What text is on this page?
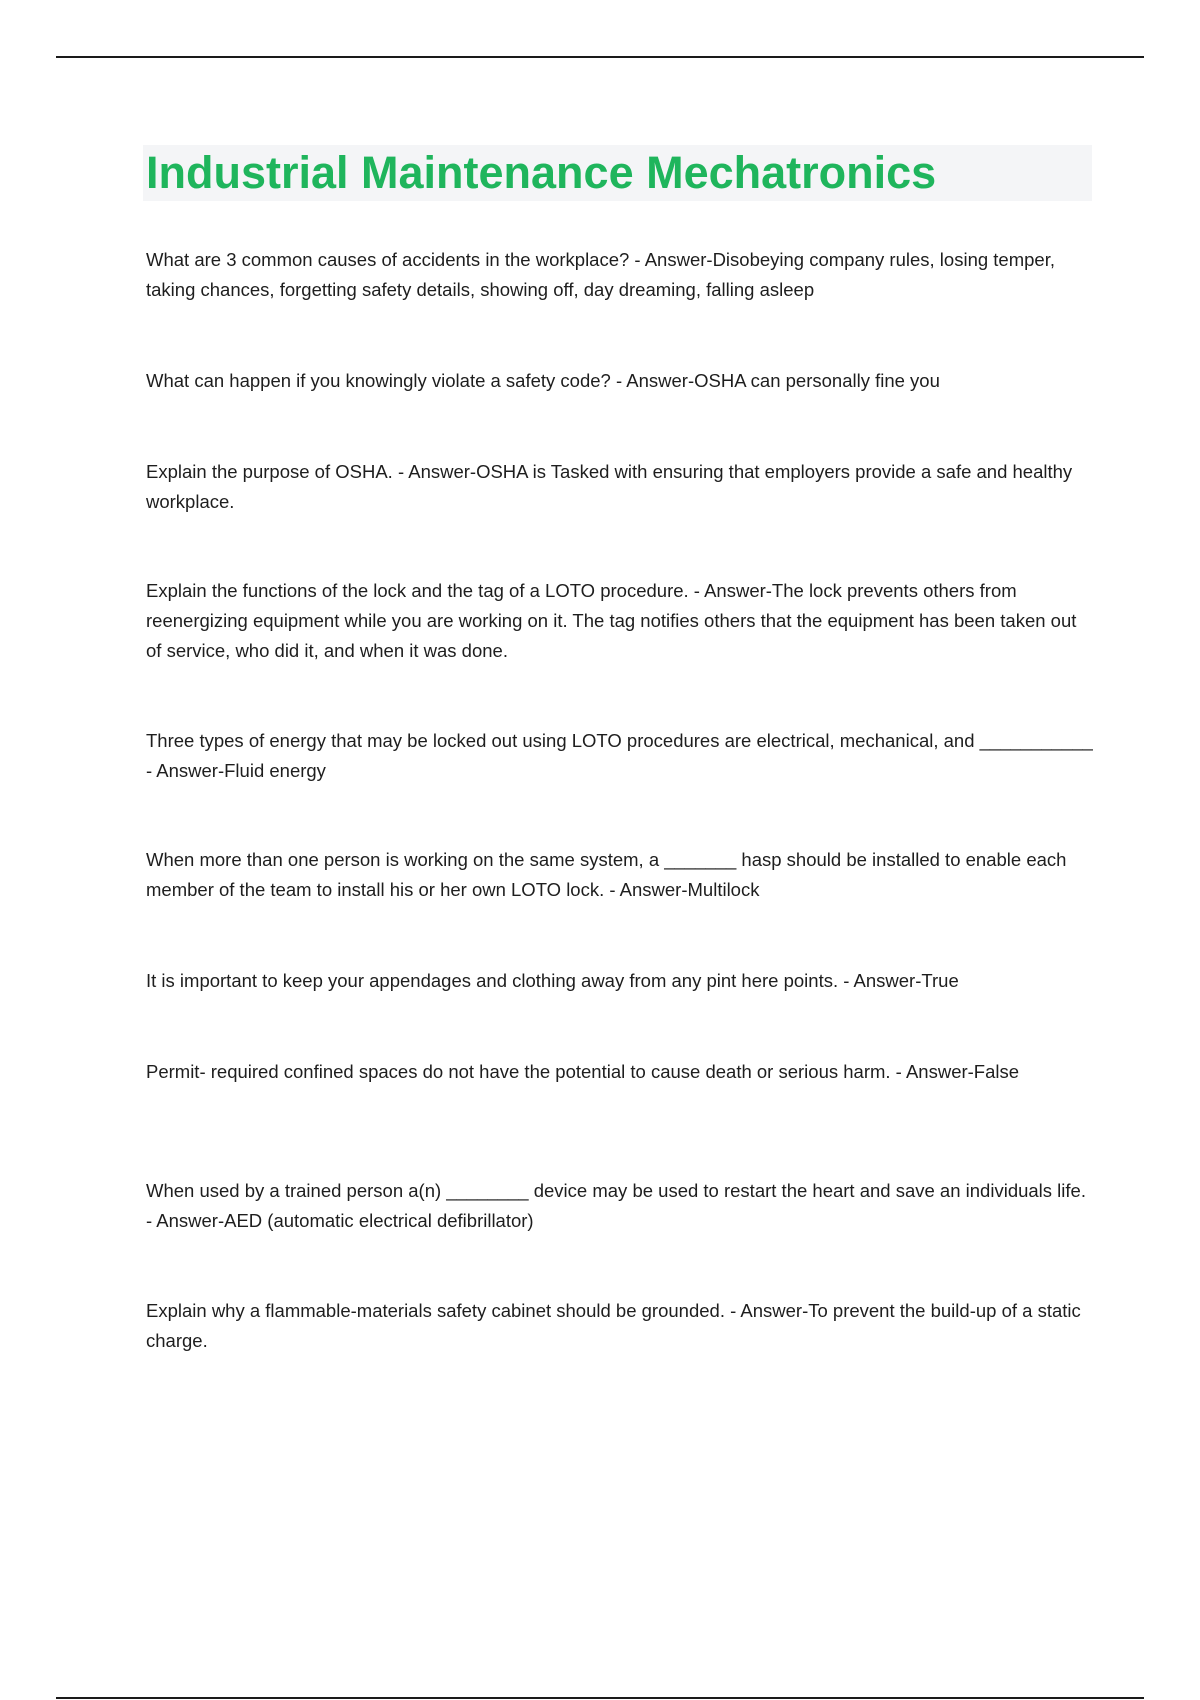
Industrial Maintenance Mechatronics

What are 3 common causes of accidents in the workplace? - Answer-Disobeying company rules, losing temper, taking chances, forgetting safety details, showing off, day dreaming, falling asleep

What can happen if you knowingly violate a safety code? - Answer-OSHA can personally fine you

Explain the purpose of OSHA. - Answer-OSHA is Tasked with ensuring that employers provide a safe and healthy workplace.

Explain the functions of the lock and the tag of a LOTO procedure. - Answer-The lock prevents others from reenergizing equipment while you are working on it. The tag notifies others that the equipment has been taken out of service, who did it, and when it was done.

Three types of energy that may be locked out using LOTO procedures are electrical, mechanical, and ___________ - Answer-Fluid energy

When more than one person is working on the same system, a _______ hasp should be installed to enable each member of the team to install his or her own LOTO lock. - Answer-Multilock

It is important to keep your appendages and clothing away from any pint here points. - Answer-True

Permit- required confined spaces do not have the potential to cause death or serious harm. - Answer-False

When used by a trained person a(n) ________ device may be used to restart the heart and save an individuals life. - Answer-AED (automatic electrical defibrillator)

Explain why a flammable-materials safety cabinet should be grounded. - Answer-To prevent the build-up of a static charge.
